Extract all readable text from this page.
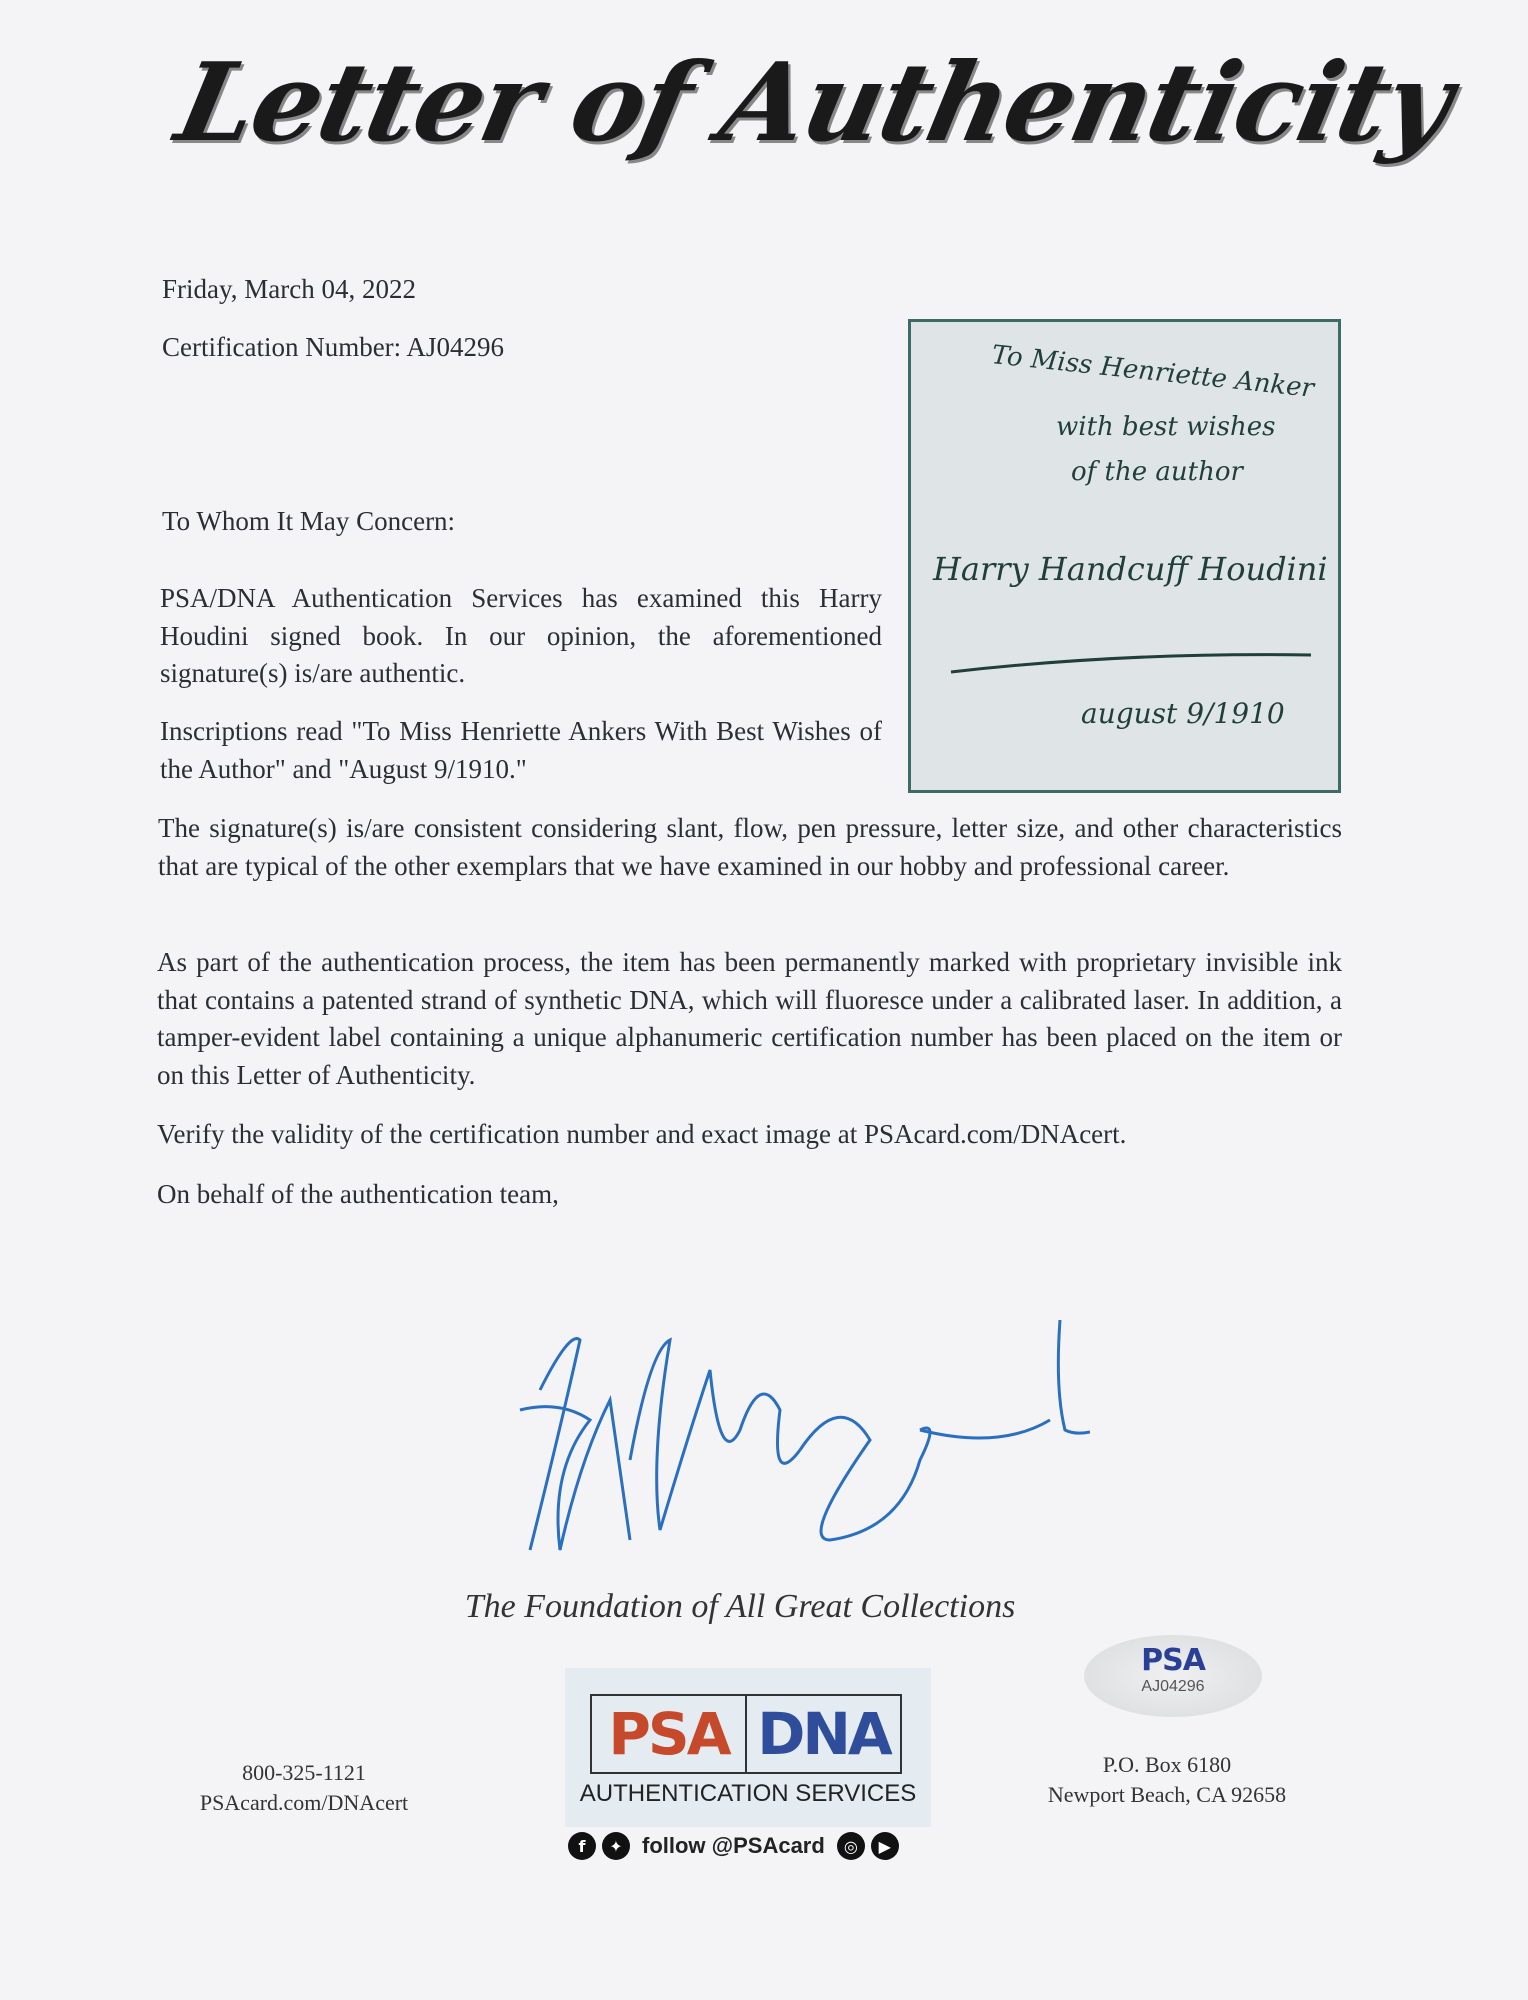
Letter of Authenticity
Friday, March 04, 2022
Certification Number: AJ04296	To Miss Henriette Anker
with best wishes
of the author
Harry Handcuff Houdini
august 9/1910
To Whom It May Concern:
PSA/DNA Authentication Services has examined this Harry Houdini signed book. In our opinion, the aforementioned signature(s) is/are authentic.
Inscriptions read "To Miss Henriette Ankers With Best Wishes of the Author" and "August 9/1910."
The signature(s) is/are consistent considering slant, flow, pen pressure, letter size, and other characteristics that are typical of the other exemplars that we have examined in our hobby and professional career.
As part of the authentication process, the item has been permanently marked with proprietary invisible ink that contains a patented strand of synthetic DNA, which will fluoresce under a calibrated laser. In addition, a tamper-evident label containing a unique alphanumeric certification number has been placed on the item or on this Letter of Authenticity.
Verify the validity of the certification number and exact image at PSAcard.com/DNAcert.
On behalf of the authentication team,
The Foundation of All Great Collections
800-325-1121
PSAcard.com/DNAcert
PSA DNA
AUTHENTICATION SERVICES
f	✦ follow @PSAcard	◎	▶
PSA
AJ04296
P.O. Box 6180
Newport Beach, CA 92658
